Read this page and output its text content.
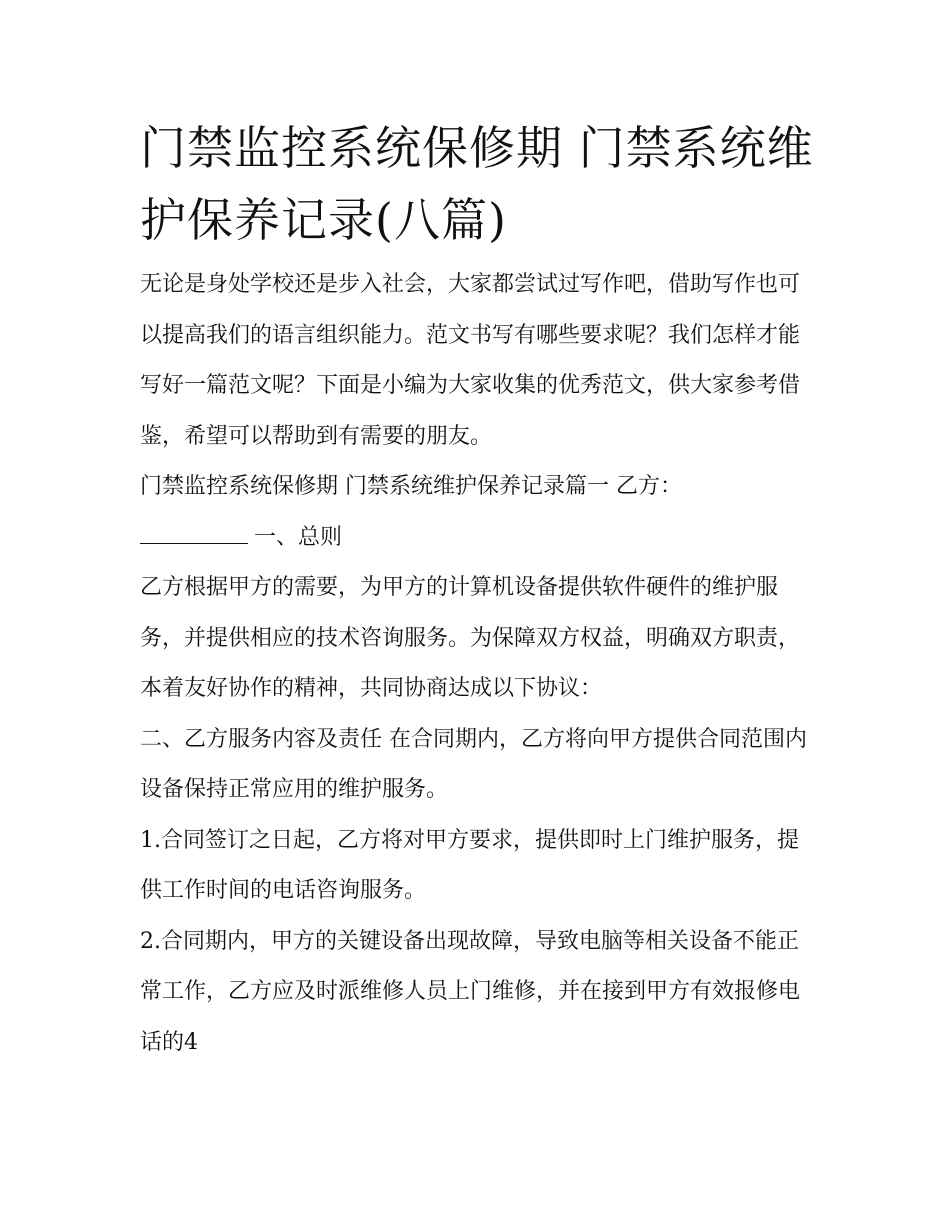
门禁监控系统保修期 门禁系统维护保养记录(八篇)

无论是身处学校还是步入社会，大家都尝试过写作吧，借助写作也可以提高我们的语言组织能力。范文书写有哪些要求呢？我们怎样才能写好一篇范文呢？下面是小编为大家收集的优秀范文，供大家参考借鉴，希望可以帮助到有需要的朋友。

门禁监控系统保修期 门禁系统维护保养记录篇一 乙方：

一、总则

乙方根据甲方的需要，为甲方的计算机设备提供软件硬件的维护服务，并提供相应的技术咨询服务。为保障双方权益，明确双方职责，本着友好协作的精神，共同协商达成以下协议：

二、乙方服务内容及责任 在合同期内，乙方将向甲方提供合同范围内设备保持正常应用的维护服务。

1.合同签订之日起，乙方将对甲方要求，提供即时上门维护服务，提供工作时间的电话咨询服务。

2.合同期内，甲方的关键设备出现故障，导致电脑等相关设备不能正常工作，乙方应及时派维修人员上门维修，并在接到甲方有效报修电话的4
